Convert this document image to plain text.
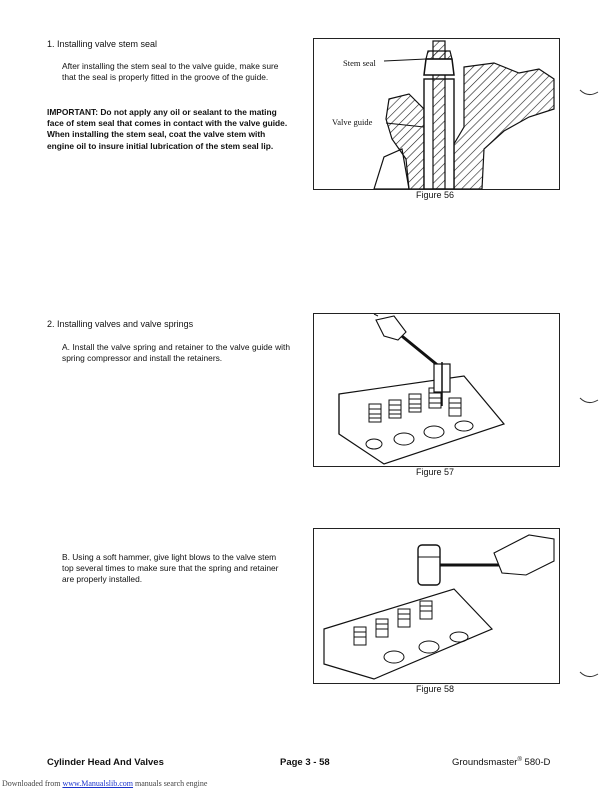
1. Installing valve stem seal
After installing the stem seal to the valve guide, make sure that the seal is properly fitted in the groove of the guide.
IMPORTANT: Do not apply any oil or sealant to the mating face of stem seal that comes in contact with the valve guide. When installing the stem seal, coat the valve stem with engine oil to insure initial lubrication of the stem seal lip.
Stem seal
Valve guide
Figure 56
2. Installing valves and valve springs
A. Install the valve spring and retainer to the valve guide with spring compressor and install the retainers.
Figure 57
B. Using a soft hammer, give light blows to the valve stem top several times to make sure that the spring and retainer are properly installed.
Figure 58
Cylinder Head And Valves	Page 3 - 58	Groundsmaster® 580-D
Downloaded from www.Manualslib.com manuals search engine
